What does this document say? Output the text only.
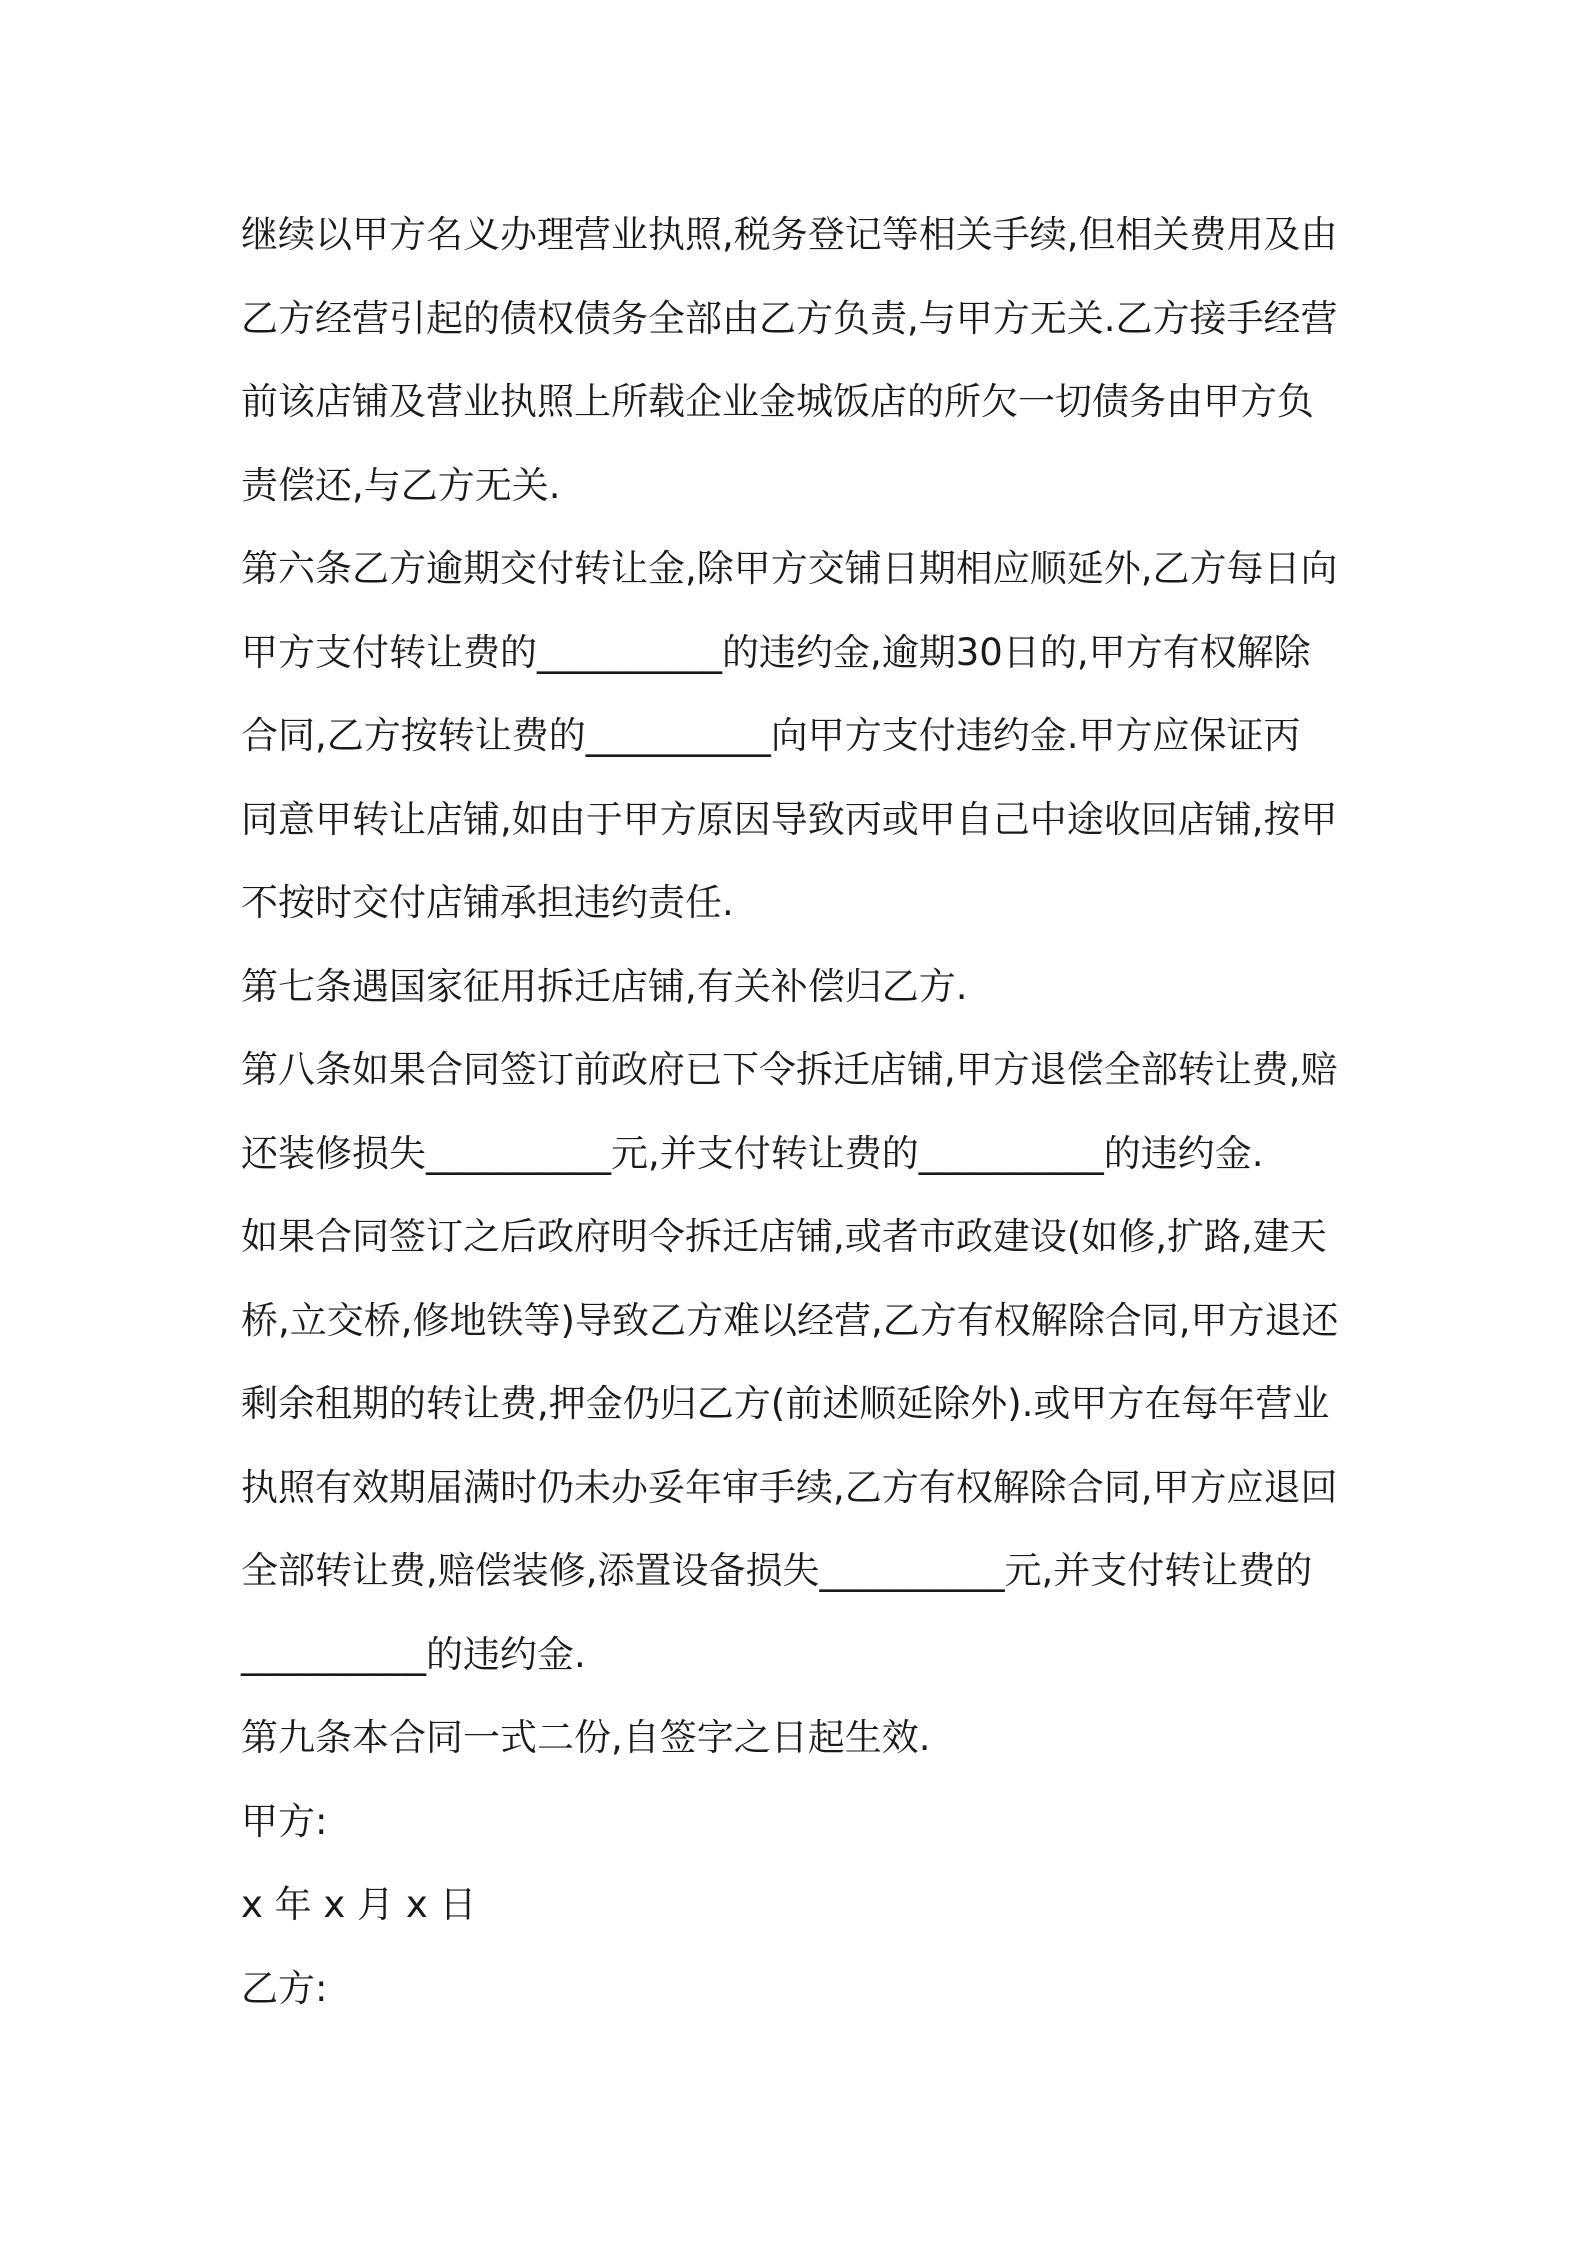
继续以甲方名义办理营业执照,税务登记等相关手续,但相关费用及由
乙方经营引起的债权债务全部由乙方负责,与甲方无关.乙方接手经营
前该店铺及营业执照上所载企业金城饭店的所欠一切债务由甲方负
责偿还,与乙方无关.
第六条乙方逾期交付转让金,除甲方交铺日期相应顺延外,乙方每日向
甲方支付转让费的__________的违约金,逾期30日的,甲方有权解除
合同,乙方按转让费的__________向甲方支付违约金.甲方应保证丙
同意甲转让店铺,如由于甲方原因导致丙或甲自己中途收回店铺,按甲
不按时交付店铺承担违约责任.
第七条遇国家征用拆迁店铺,有关补偿归乙方.
第八条如果合同签订前政府已下令拆迁店铺,甲方退偿全部转让费,赔
还装修损失__________元,并支付转让费的__________的违约金.
如果合同签订之后政府明令拆迁店铺,或者市政建设(如修,扩路,建天
桥,立交桥,修地铁等)导致乙方难以经营,乙方有权解除合同,甲方退还
剩余租期的转让费,押金仍归乙方(前述顺延除外).或甲方在每年营业
执照有效期届满时仍未办妥年审手续,乙方有权解除合同,甲方应退回
全部转让费,赔偿装修,添置设备损失__________元,并支付转让费的
__________的违约金.
第九条本合同一式二份,自签字之日起生效.
甲方:
x 年 x 月 x 日
乙方:
